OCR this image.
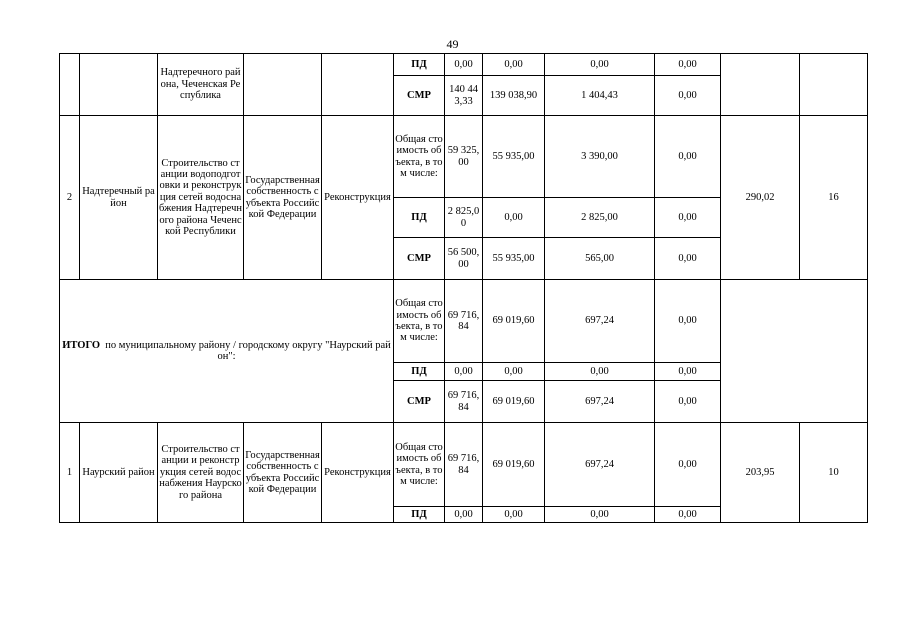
49
		Надтеречного района, Чеченская Республика			ПД	0,00	0,00	0,00	0,00		
					СМР	140 443,33	139 038,90	1 404,43	0,00		
2	Надтеречный район	Строительство станции водоподготовки и реконструкция сетей водоснабжения Надтеречного района Чеченской Республики	Государственная собственность субъекта Российской Федерации	Реконструкция	Общая стоимость объекта, в том числе:	59 325,00	55 935,00	3 390,00	0,00	290,02	16
					ПД	2 825,00	0,00	2 825,00	0,00		
					СМР	56 500,00	55 935,00	565,00	0,00		
ИТОГО по муниципальному району / городскому округу "Наурский район":					Общая стоимость объекта, в том числе:	69 716,84	69 019,60	697,24	0,00		
					ПД	0,00	0,00	0,00	0,00		
					СМР	69 716,84	69 019,60	697,24	0,00		
1	Наурский район	Строительство станции и реконструкция сетей водоснабжения Наурского района	Государственная собственность субъекта Российской Федерации	Реконструкция	Общая стоимость объекта, в том числе:	69 716,84	69 019,60	697,24	0,00	203,95	10
					ПД	0,00	0,00	0,00	0,00		
